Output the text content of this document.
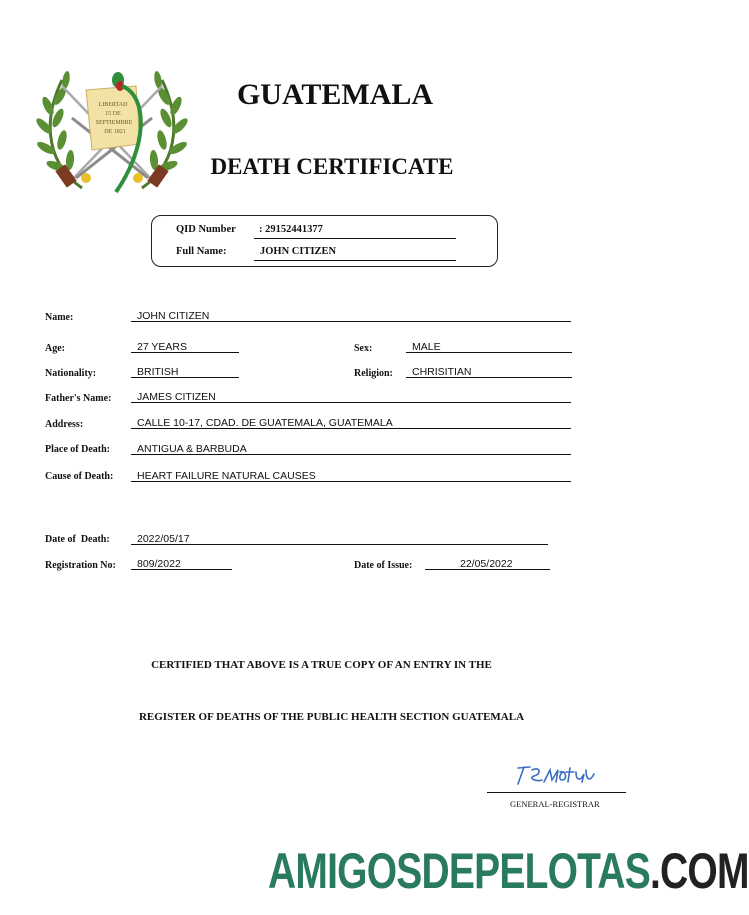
LIBERTAD
15 DE
SEPTIEMBRE
DE 1821
GUATEMALA
DEATH CERTIFICATE
QID Number : 29152441377
Full Name:	JOHN CITIZEN
Name:	JOHN CITIZEN
Age:	27 YEARS	Sex:	MALE
Nationality:	BRITISH	Religion:	CHRISITIAN
Father's Name:	JAMES CITIZEN
Address:	CALLE 10-17, CDAD. DE GUATEMALA, GUATEMALA
Place of Death:	ANTIGUA & BARBUDA
Cause of Death:	HEART FAILURE NATURAL CAUSES
Date of  Death:	2022/05/17
Registration No:	809/2022	Date of Issue:	22/05/2022
CERTIFIED THAT ABOVE IS A TRUE COPY OF AN ENTRY IN THE
REGISTER OF DEATHS OF THE PUBLIC HEALTH SECTION GUATEMALA
GENERAL-REGISTRAR
AMIGOSDEPELOTAS.COM
